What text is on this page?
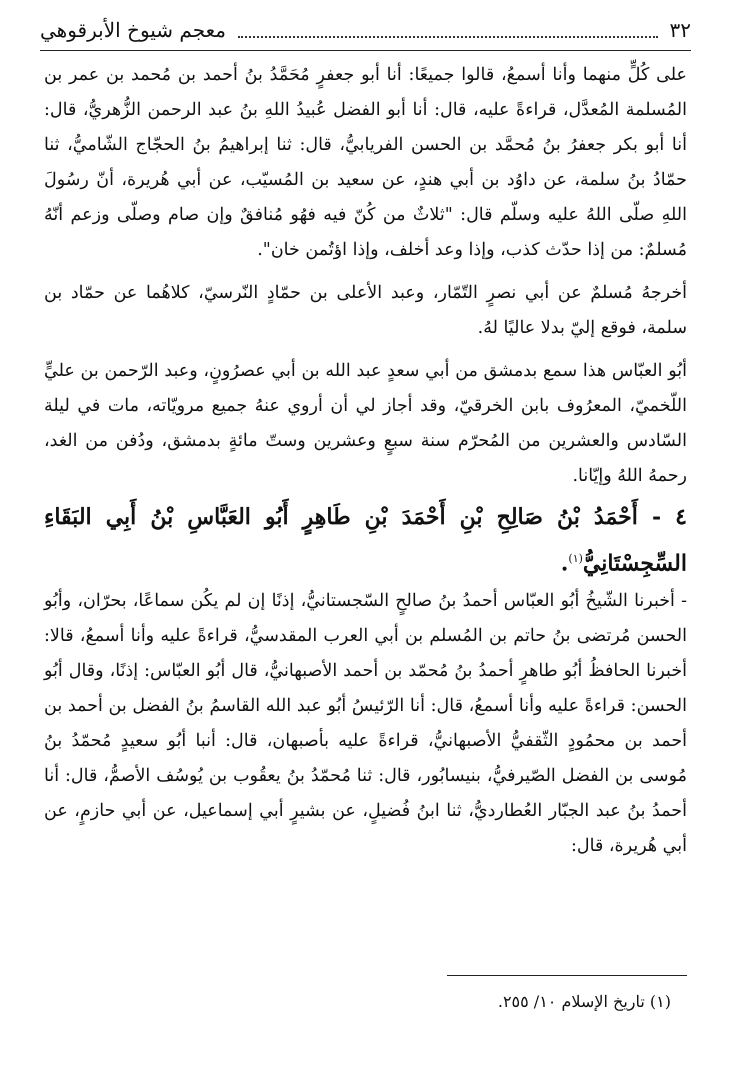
٣٢
معجم شيوخ الأبرقوهي

على كُلٍّ منهما وأنا أسمعُ، قالوا جميعًا: أنا أبو جعفرٍ مُحَمَّدُ بنُ أحمد بن مُحمد بن عمر بن المُسلمة المُعدَّل، قراءةً عليه، قال: أنا أبو الفضل عُبيدُ اللهِ بنُ عبد الرحمن الزُّهريُّ، قال: أنا أبو بكر جعفرُ بنُ مُحمَّد بن الحسن الفريابيُّ، قال: ثنا إبراهيمُ بنُ الحجّاج الشّاميُّ، ثنا حمّادُ بنُ سلمة، عن داوُد بن أبي هندٍ، عن سعيد بن المُسيّب، عن أبي هُريرة، أنّ رسُولَ اللهِ صلّى اللهُ عليه وسلّم قال: "ثلاثٌ من كُنّ فيه فهُو مُنافقٌ وإن صام وصلّى وزعم أنّهُ مُسلمٌ: من إذا حدّث كذب، وإذا وعد أخلف، وإذا اؤتُمن خان".

أخرجهُ مُسلمٌ عن أبي نصرٍ التّمّار، وعبد الأعلى بن حمّادٍ النّرسيّ، كلاهُما عن حمّاد بن سلمة، فوقع إليّ بدلا عاليًا لهُ.

أبُو العبّاس هذا سمع بدمشق من أبي سعدٍ عبد الله بن أبي عصرُونٍ، وعبد الرّحمن بن عليٍّ اللّخميّ، المعرُوف بابن الخرقيّ، وقد أجاز لي أن أروي عنهُ جميع مرويّاته، مات في ليلة السّادس والعشرين من المُحرّم سنة سبعٍ وعشرين وستّ مائةٍ بدمشق، ودُفن من الغد، رحمهُ اللهُ وإيّانا.

٤ - أَحْمَدُ بْنُ صَالِحِ بْنِ أَحْمَدَ بْنِ طَاهِرٍ أَبُو العَبَّاسِ بْنُ أَبِي البَقَاءِ السِّجِسْتَانِيُّ$^{(١)}$.

- أخبرنا الشّيخُ أبُو العبّاس أحمدُ بنُ صالحٍ السّجستانيُّ، إذنًا إن لم يكُن سماعًا، بحرّان، وأبُو الحسن مُرتضى بنُ حاتم بن المُسلم بن أبي العرب المقدسيُّ، قراءةً عليه وأنا أسمعُ، قالا: أخبرنا الحافظُ أبُو طاهرٍ أحمدُ بنُ مُحمّد بن أحمد الأصبهانيُّ، قال أبُو العبّاس: إذنًا، وقال أبُو الحسن: قراءةً عليه وأنا أسمعُ، قال: أنا الرّئيسُ أبُو عبد الله القاسمُ بنُ الفضل بن أحمد بن أحمد بن محمُودٍ الثّقفيُّ الأصبهانيُّ، قراءةً عليه بأصبهان، قال: أنبا أبُو سعيدٍ مُحمّدُ بنُ مُوسى بن الفضل الصّيرفيُّ، بنيسابُور، قال: ثنا مُحمّدُ بنُ يعقُوب بن يُوسُف الأصمُّ، قال: أنا أحمدُ بنُ عبد الجبّار العُطارديُّ، ثنا ابنُ فُضيلٍ، عن بشيرٍ أبي إسماعيل، عن أبي حازمٍ، عن أبي هُريرة، قال:

(١) تاريخ الإسلام ١٠/ ٢٥٥.
